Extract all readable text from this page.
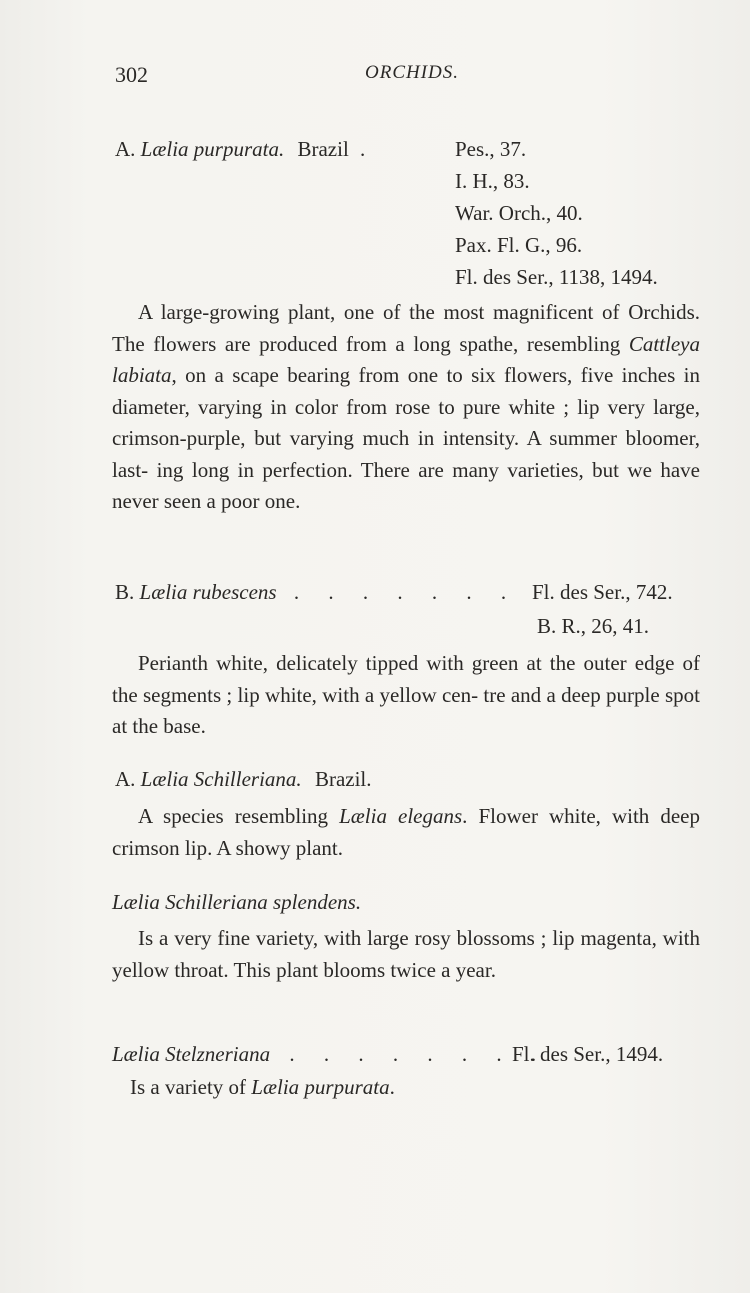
302	ORCHIDS.
A. Lælia purpurata. Brazil .	Pes., 37.
I. H., 83.
War. Orch., 40.
Pax. Fl. G., 96.
Fl. des Ser., 1138, 1494.
A large-growing plant, one of the most magnificent of Orchids. The flowers are produced from a long spathe, resembling Cattleya labiata, on a scape bearing from one to six flowers, five inches in diameter, varying in color from rose to pure white ; lip very large, crimson-purple, but varying much in intensity. A summer bloomer, last- ing long in perfection. There are many varieties, but we have never seen a poor one.
B. Lælia rubescens . . . . . . . Fl. des Ser., 742.
B. R., 26, 41.
Perianth white, delicately tipped with green at the outer edge of the segments ; lip white, with a yellow cen- tre and a deep purple spot at the base.
A. Lælia Schilleriana. Brazil.
A species resembling Lælia elegans. Flower white, with deep crimson lip. A showy plant.
Lælia Schilleriana splendens.
Is a very fine variety, with large rosy blossoms ; lip magenta, with yellow throat. This plant blooms twice a year.
Lælia Stelzneriana . . . . . . . .
Fl. des Ser., 1494.
Is a variety of Lælia purpurata.
